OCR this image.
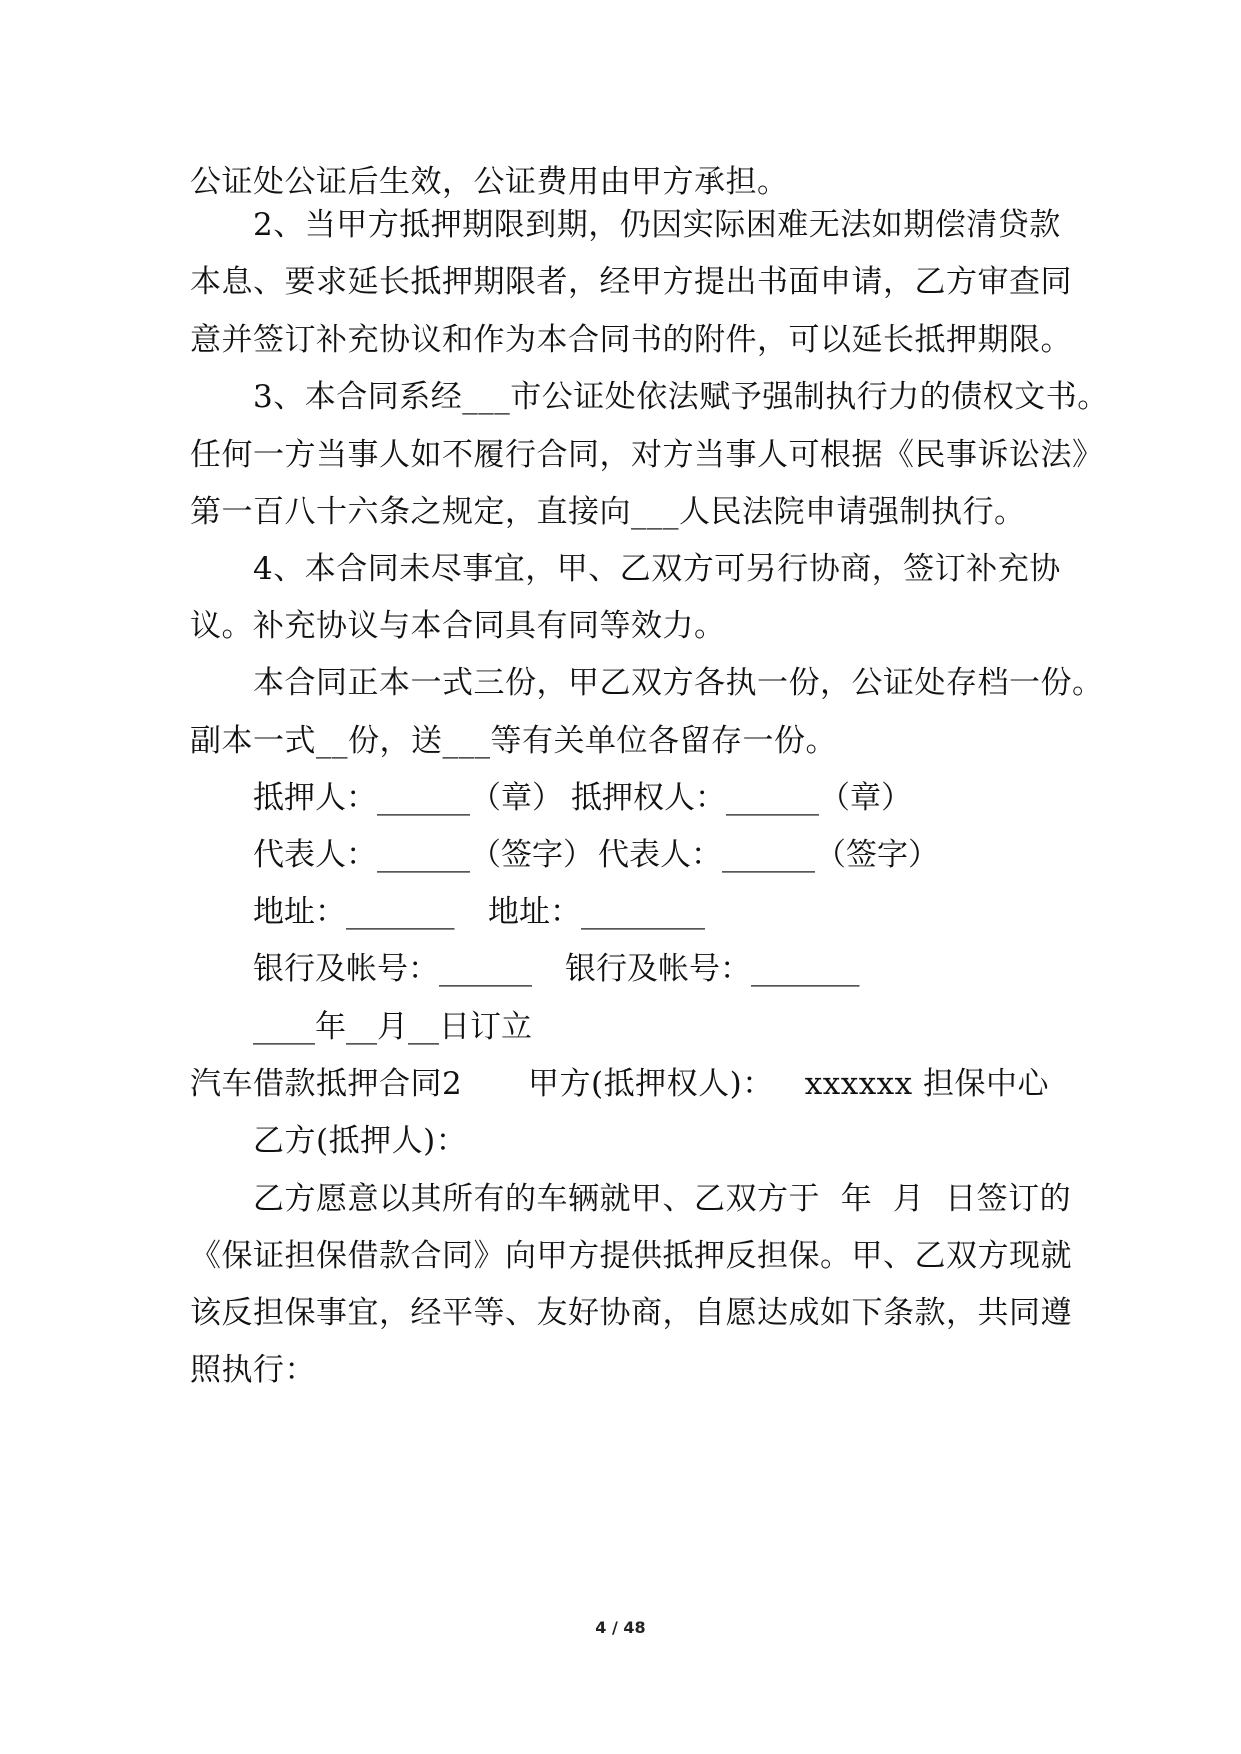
公证处公证后生效，公证费用由甲方承担。
2、当甲方抵押期限到期，仍因实际困难无法如期偿清贷款
本息、要求延长抵押期限者，经甲方提出书面申请，乙方审查同
意并签订补充协议和作为本合同书的附件，可以延长抵押期限。
3、本合同系经___市公证处依法赋予强制执行力的债权文书。
任何一方当事人如不履行合同，对方当事人可根据《民事诉讼法》
第一百八十六条之规定，直接向___人民法院申请强制执行。
4、本合同未尽事宜，甲、乙双方可另行协商，签订补充协
议。补充协议与本合同具有同等效力。
本合同正本一式三份，甲乙双方各执一份，公证处存档一份。
副本一式__份，送___等有关单位各留存一份。
抵押人：______（章） 抵押权人：______（章）
代表人：______（签字） 代表人：______（签字）
地址：_______ 地址：________
银行及帐号：______ 银行及帐号：_______
____年__月__日订立
汽车借款抵押合同2 甲方(抵押权人)：   xxxxxx 担保中心
乙方(抵押人)：
乙方愿意以其所有的车辆就甲、乙双方于  年  月  日签订的
《保证担保借款合同》向甲方提供抵押反担保。甲、乙双方现就
该反担保事宜，经平等、友好协商，自愿达成如下条款，共同遵
照执行：
4 / 48
